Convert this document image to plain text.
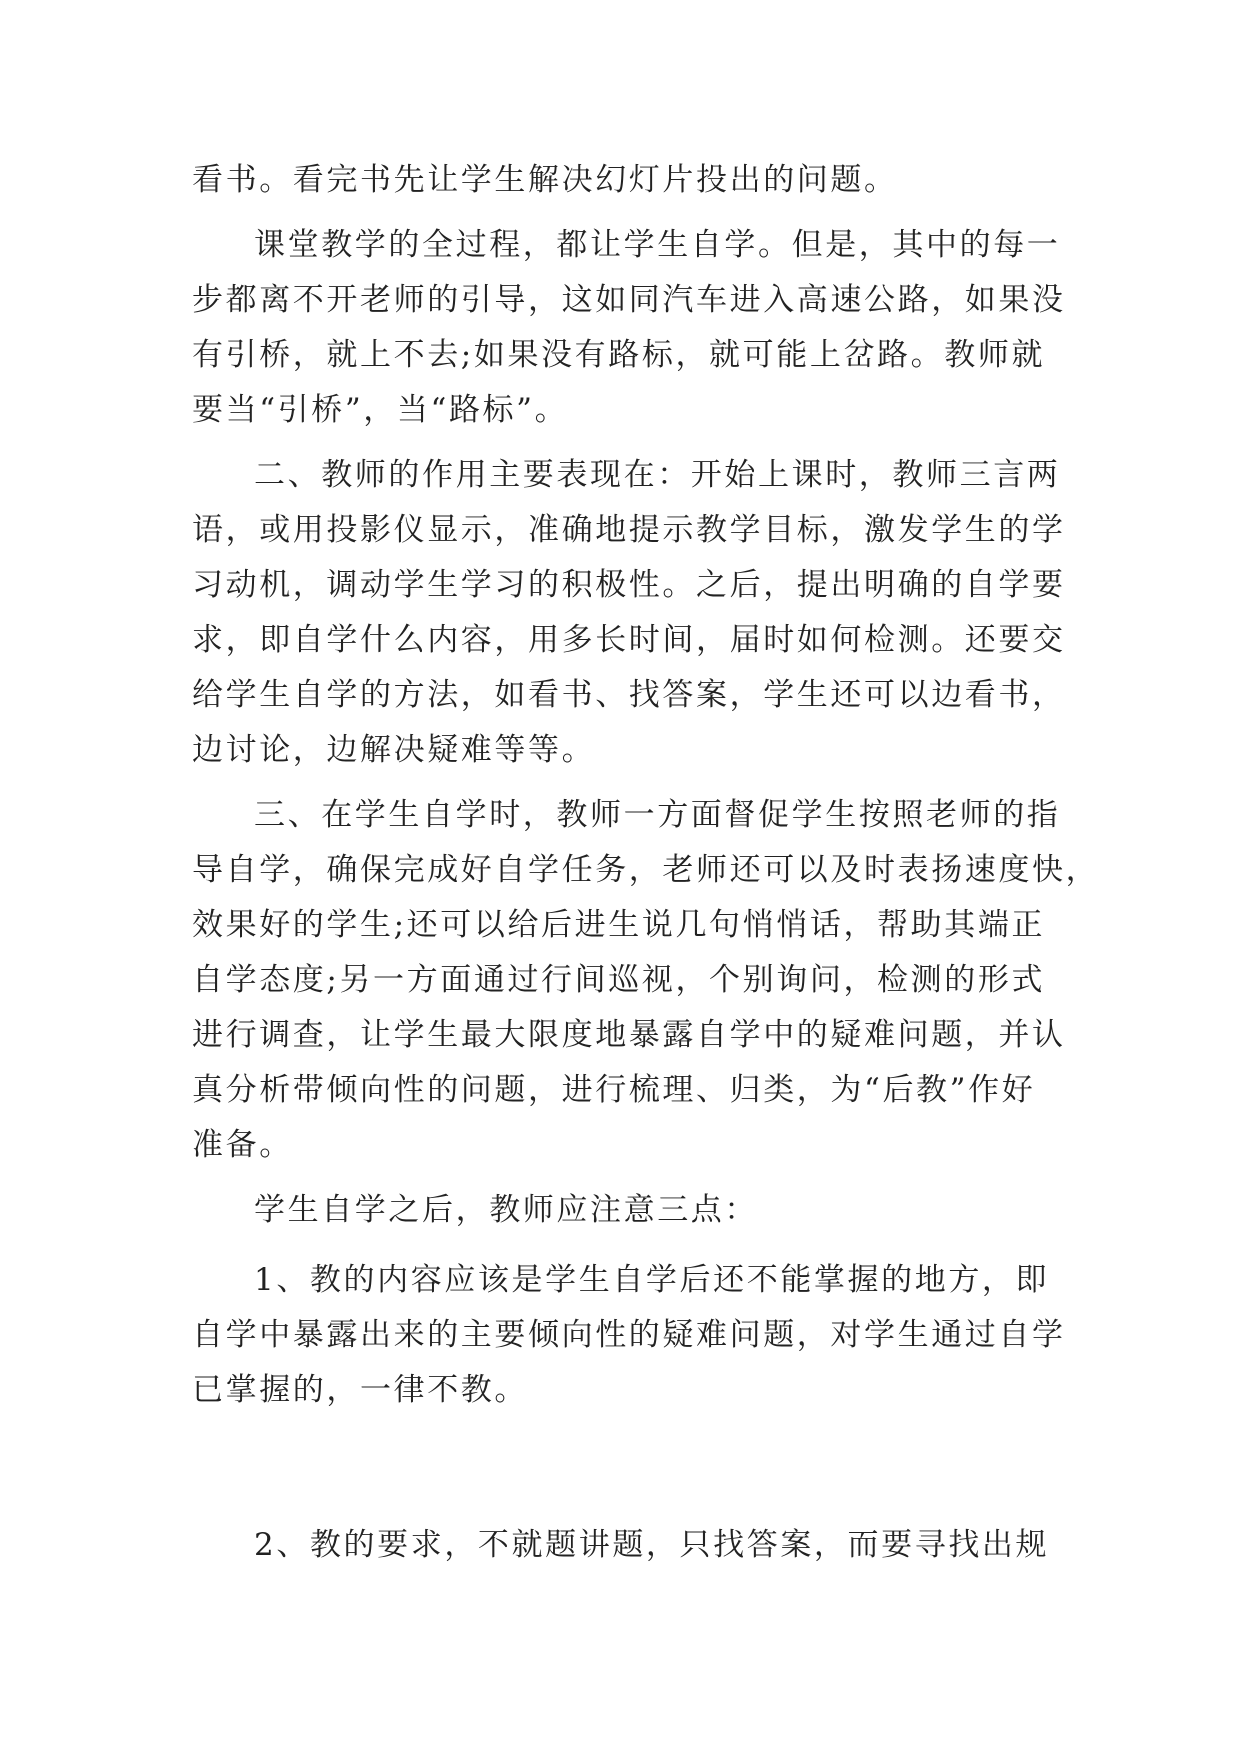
看书。看完书先让学生解决幻灯片投出的问题。
课堂教学的全过程，都让学生自学。但是，其中的每一
步都离不开老师的引导，这如同汽车进入高速公路，如果没
有引桥，就上不去;如果没有路标，就可能上岔路。教师就
要当“引桥”，当“路标”。
二、教师的作用主要表现在：开始上课时，教师三言两
语，或用投影仪显示，准确地提示教学目标，激发学生的学
习动机，调动学生学习的积极性。之后，提出明确的自学要
求，即自学什么内容，用多长时间，届时如何检测。还要交
给学生自学的方法，如看书、找答案，学生还可以边看书，
边讨论，边解决疑难等等。
三、在学生自学时，教师一方面督促学生按照老师的指
导自学，确保完成好自学任务，老师还可以及时表扬速度快，
效果好的学生;还可以给后进生说几句悄悄话，帮助其端正
自学态度;另一方面通过行间巡视，个别询问，检测的形式
进行调查，让学生最大限度地暴露自学中的疑难问题，并认
真分析带倾向性的问题，进行梳理、归类，为“后教”作好
准备。
学生自学之后，教师应注意三点：
1、教的内容应该是学生自学后还不能掌握的地方，即
自学中暴露出来的主要倾向性的疑难问题，对学生通过自学
已掌握的，一律不教。
2、教的要求，不就题讲题，只找答案，而要寻找出规
